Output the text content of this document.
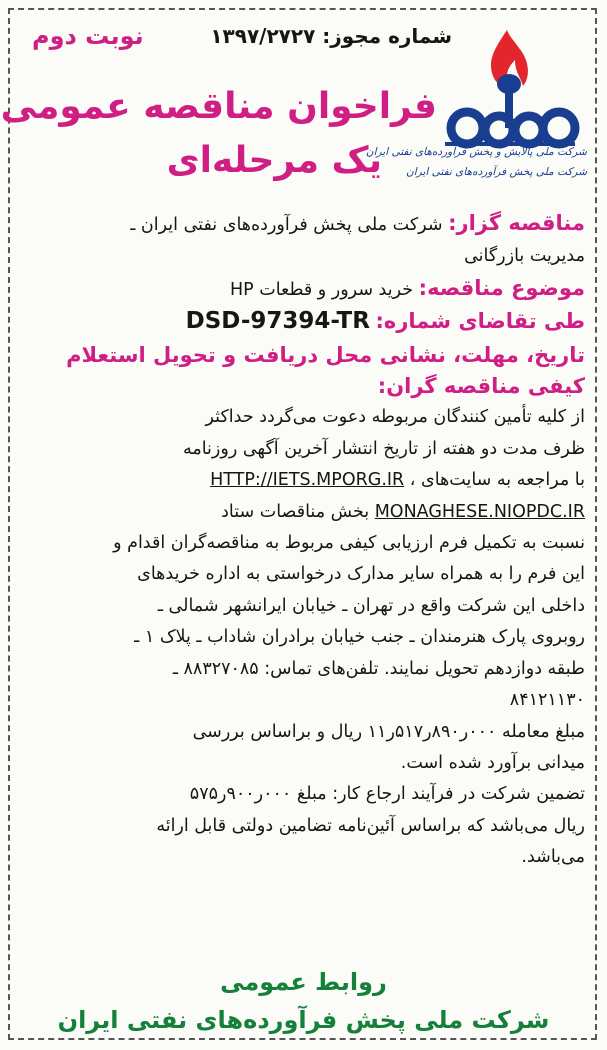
شماره مجوز: ۱۳۹۷/۲۷۲۷
نوبت دوم
فراخوان مناقصه عمومی
یک مرحله‌ای
شرکت ملی پالایش و پخش فرآورده‌های نفتی ایران
شرکت ملی پخش فرآورده‌های نفتی ایران
مناقصه گزار: شرکت ملی پخش فرآورده‌های نفتی ایران ـ
مدیریت بازرگانی
موضوع مناقصه: خرید سرور و قطعات HP
طی تقاضای شماره: DSD-97394-TR
تاریخ، مهلت، نشانی محل دریافت و تحویل استعلام
کیفی مناقصه گران:
از کلیه تأمین کنندگان مربوطه دعوت می‌گردد حداکثر
ظرف مدت دو هفته از تاریخ انتشار آخرین آگهی روزنامه
با مراجعه به سایت‌های ، HTTP://IETS.MPORG.IR
MONAGHESE.NIOPDC.IR بخش مناقصات ستاد
نسبت به تکمیل فرم ارزیابی کیفی مربوط به مناقصه‌گران اقدام و
این فرم را به همراه سایر مدارک درخواستی به اداره خریدهای
داخلی این شرکت واقع در تهران ـ خیابان ایرانشهر شمالی ـ
روبروی پارک هنرمندان ـ جنب خیابان برادران شاداب ـ پلاک ۱ ـ
طبقه دوازدهم تحویل نمایند. تلفن‌های تماس: ۸۸۳۲۷۰۸۵ ـ
۸۴۱۲۱۱۳۰
مبلغ معامله ۰۰۰ر۸۹۰ر۵۱۷ر۱۱ ریال و براساس بررسی
میدانی برآورد شده است.
تضمین شرکت در فرآیند ارجاع کار: مبلغ ۰۰۰ر۹۰۰ر۵۷۵
ریال می‌باشد که براساس آئین‌نامه تضامین دولتی قابل ارائه
می‌باشد.
روابط عمومی
شرکت ملی پخش فرآورده‌های نفتی ایران
